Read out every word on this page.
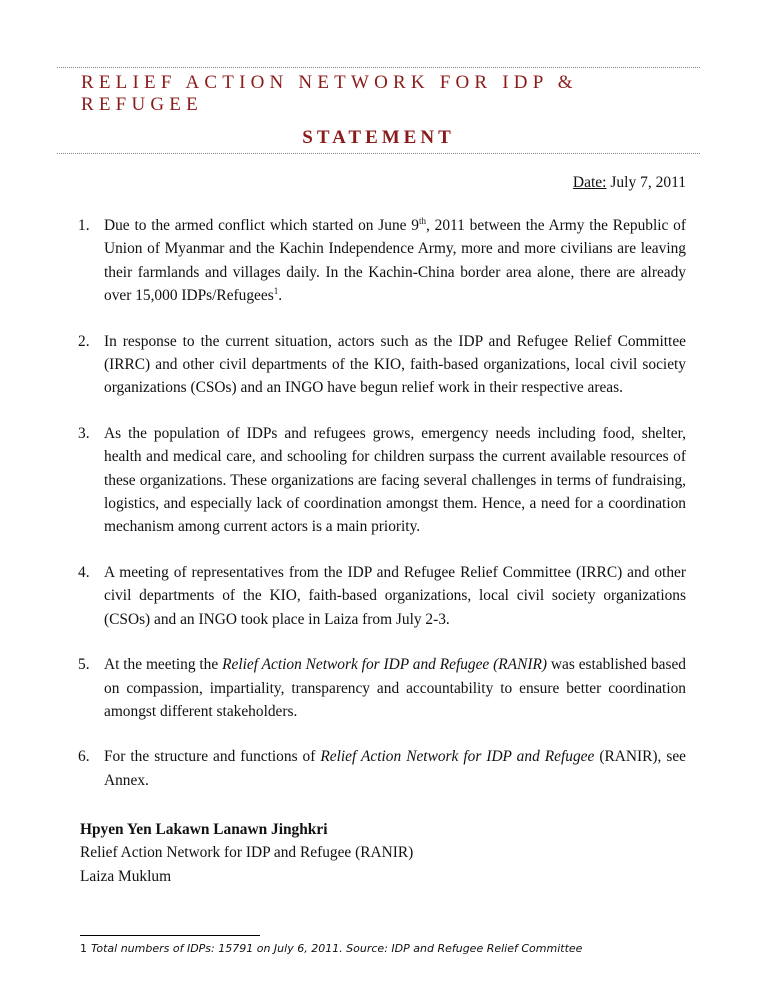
RELIEF ACTION NETWORK FOR IDP & REFUGEE
STATEMENT
Date: July 7, 2011
1. Due to the armed conflict which started on June 9th, 2011 between the Army the Republic of Union of Myanmar and the Kachin Independence Army, more and more civilians are leaving their farmlands and villages daily. In the Kachin-China border area alone, there are already over 15,000 IDPs/Refugees$^1$.
2. In response to the current situation, actors such as the IDP and Refugee Relief Committee (IRRC) and other civil departments of the KIO, faith-based organizations, local civil society organizations (CSOs) and an INGO have begun relief work in their respective areas.
3. As the population of IDPs and refugees grows, emergency needs including food, shelter, health and medical care, and schooling for children surpass the current available resources of these organizations. These organizations are facing several challenges in terms of fundraising, logistics, and especially lack of coordination amongst them. Hence, a need for a coordination mechanism among current actors is a main priority.
4. A meeting of representatives from the IDP and Refugee Relief Committee (IRRC) and other civil departments of the KIO, faith-based organizations, local civil society organizations (CSOs) and an INGO took place in Laiza from July 2-3.
5. At the meeting the Relief Action Network for IDP and Refugee (RANIR) was established based on compassion, impartiality, transparency and accountability to ensure better coordination amongst different stakeholders.
6. For the structure and functions of Relief Action Network for IDP and Refugee (RANIR), see Annex.
Hpyen Yen Lakawn Lanawn Jinghkri
Relief Action Network for IDP and Refugee (RANIR)
Laiza Muklum
1 Total numbers of IDPs: 15791 on July 6, 2011. Source: IDP and Refugee Relief Committee
